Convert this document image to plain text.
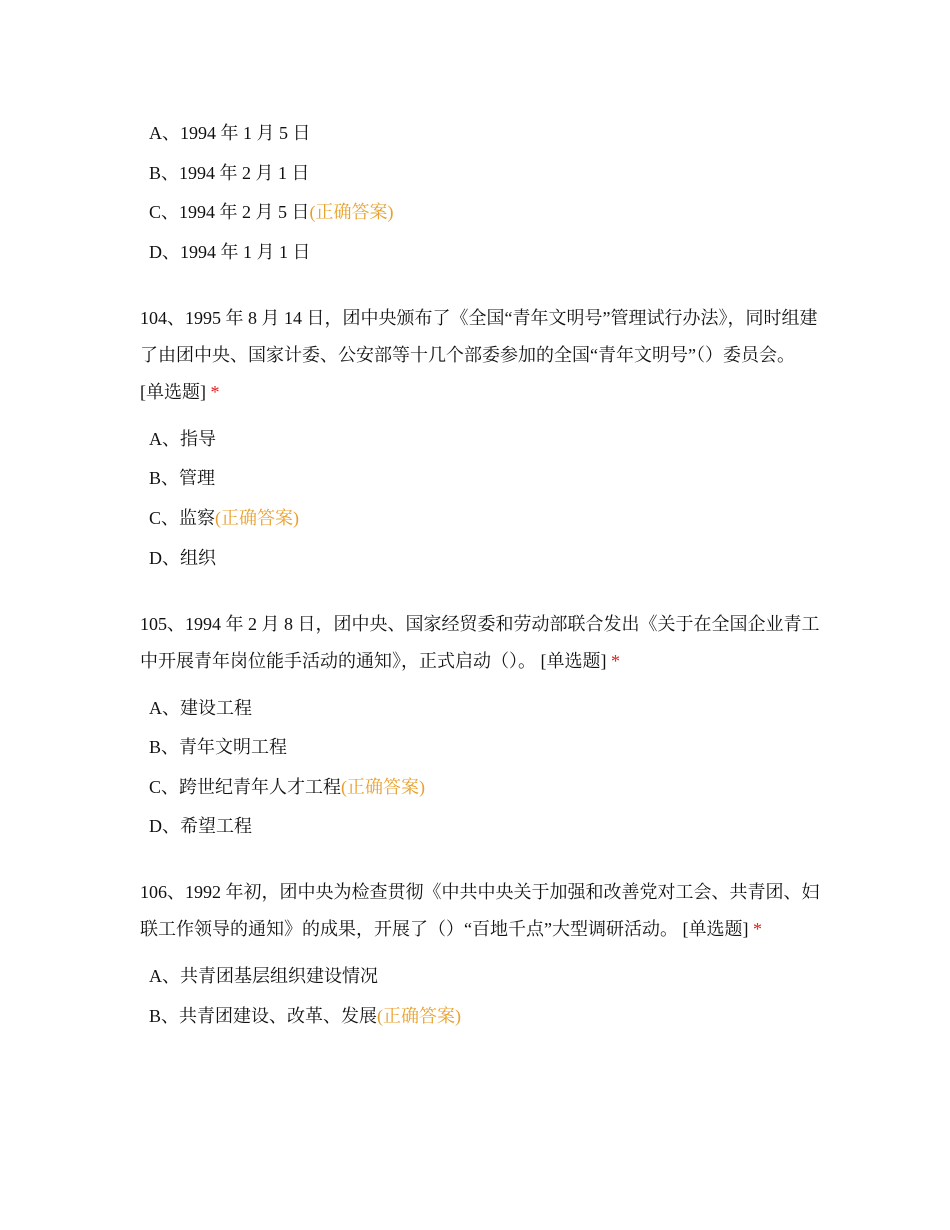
A、1994 年 1 月 5 日
B、1994 年 2 月 1 日
C、1994 年 2 月 5 日(正确答案)
D、1994 年 1 月 1 日
104、1995 年 8 月 14 日，团中央颁布了《全国“青年文明号”管理试行办法》，同时组建了由团中央、国家计委、公安部等十几个部委参加的全国“青年文明号”（）委员会。 [单选题] *
A、指导
B、管理
C、监察(正确答案)
D、组织
105、1994 年 2 月 8 日，团中央、国家经贸委和劳动部联合发出《关于在全国企业青工中开展青年岗位能手活动的通知》，正式启动（）。 [单选题] *
A、建设工程
B、青年文明工程
C、跨世纪青年人才工程(正确答案)
D、希望工程
106、1992 年初，团中央为检查贯彻《中共中央关于加强和改善党对工会、共青团、妇联工作领导的通知》的成果，开展了（）“百地千点”大型调研活动。 [单选题] *
A、共青团基层组织建设情况
B、共青团建设、改革、发展(正确答案)
